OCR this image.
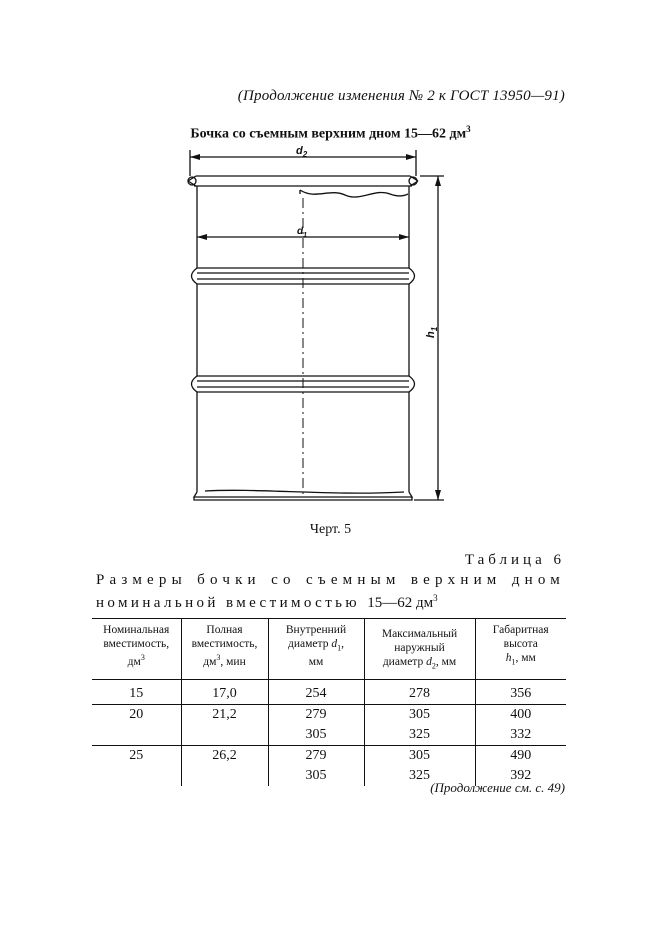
(Продолжение изменения № 2 к ГОСТ 13950—91)
Бочка со съемным верхним дном 15—62 $дм^3$
$d_2$
$d_1$
$h_1$
Черт. 5
Таблица 6
Размеры бочки со съемным верхним дном
номинальной вместимостью 15—62 $дм^3$
Номинальная
вместимость,
$дм^3$	Полная
вместимость,
$дм^3$, мин	Внутренний
диаметр $d_1$,
мм	Максимальный
наружный
диаметр $d_2$, мм	Габаритная
высота
$h_1$, мм
15	17,0	254	278	356
20	21,2	279	305	400
		305	325	332
25	26,2	279	305	490
		305	325	392
(Продолжение см. с. 49)
